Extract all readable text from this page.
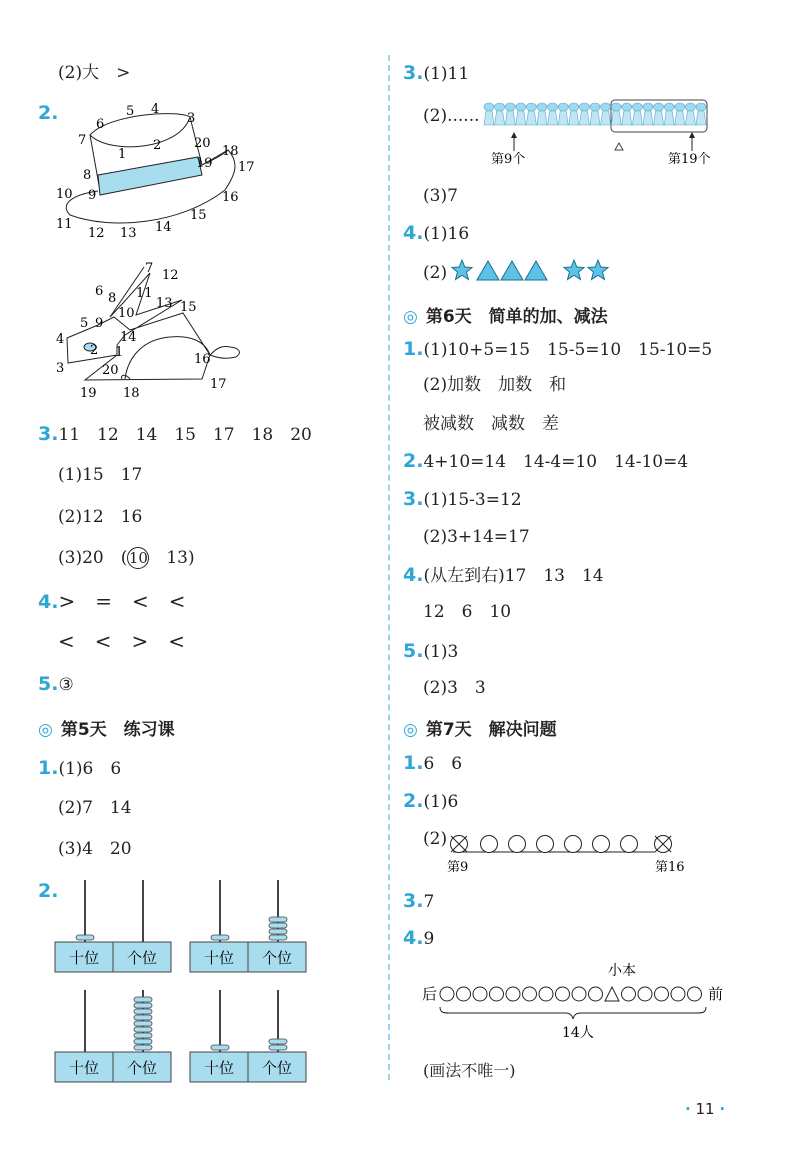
(2)大　>
2.
1
2
3
4
5
6
7
8
9
10
11
12 13 14
15
16
17
18
19
20
1
2
3
4
5
6
7
8
9
10
11
12
13
14
15
16
17
18
19
20
3.11　12　14　15　17　18　20
(1)15　17
(2)12　16
(3)20　(10　13)
4.>　=　<　<
<　<　>　<
5.③
◎ 第5天　练习课
1.(1)6　6
(2)7　14
(3)4　20
2.
十位 个位	十位 个位
十位 个位	十位 个位
3.(1)11
(2)......
第9个	第19个
(3)7
4.(1)16
(2)
◎ 第6天　简单的加、减法
1.(1)10+5=15　15-5=10　15-10=5
(2)加数　加数　和
被减数　减数　差
2.4+10=14　14-4=10　14-10=4
3.(1)15-3=12
(2)3+14=17
4.(从左到右)17　13　14
12　6　10
5.(1)3
(2)3　3
◎ 第7天　解决问题
1.6　6
2.(1)6
(2)
第9	第16
3.7
4.9
小本
后	前
14人
(画法不唯一)
· 11 ·
